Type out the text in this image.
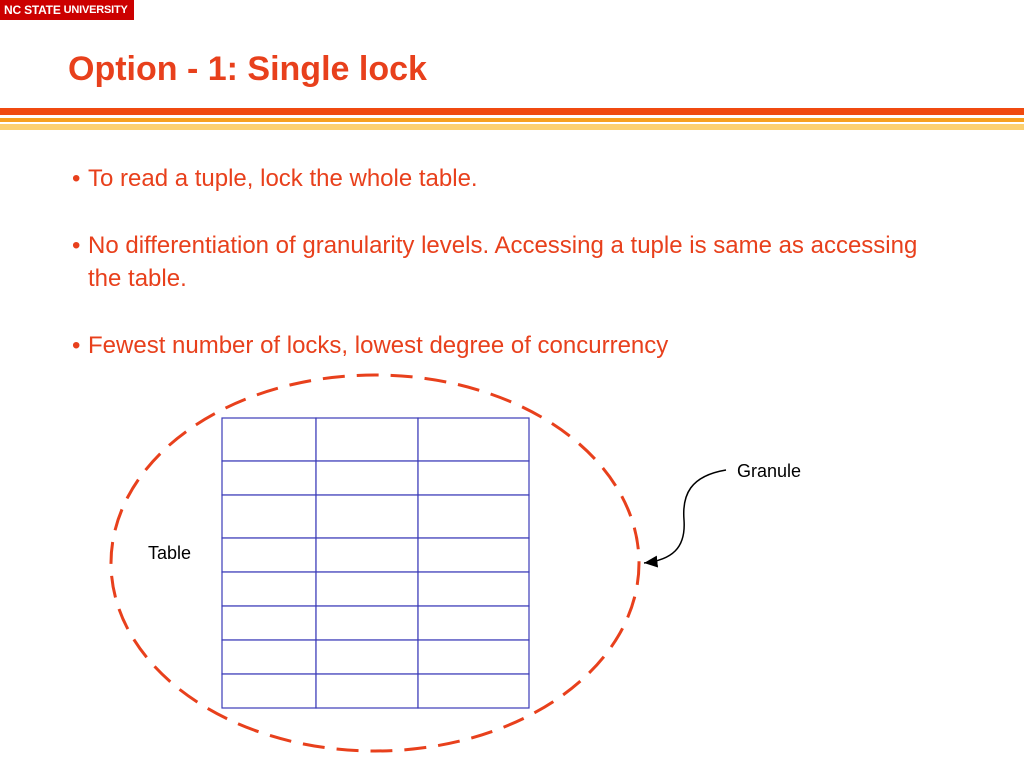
NC STATE UNIVERSITY
Option - 1: Single lock
• To read a tuple, lock the whole table.
• No differentiation of granularity levels. Accessing a tuple is same as accessing the table.
• Fewest number of locks, lowest degree of concurrency
Table
Granule
